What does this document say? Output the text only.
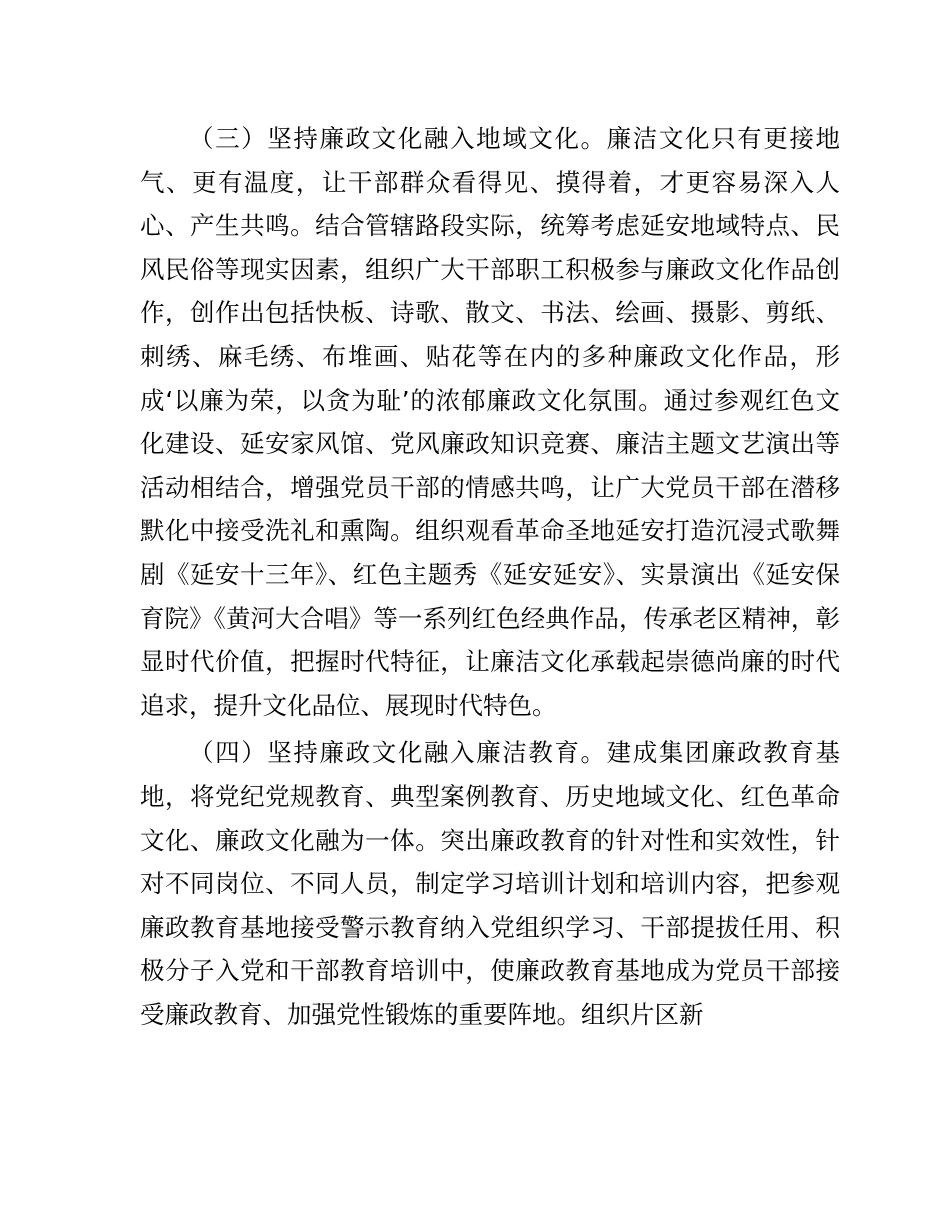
（三）坚持廉政文化融入地域文化。廉洁文化只有更接地气、更有温度，让干部群众看得见、摸得着，才更容易深入人心、产生共鸣。结合管辖路段实际，统筹考虑延安地域特点、民风民俗等现实因素，组织广大干部职工积极参与廉政文化作品创作，创作出包括快板、诗歌、散文、书法、绘画、摄影、剪纸、刺绣、麻毛绣、布堆画、贴花等在内的多种廉政文化作品，形成‘以廉为荣，以贪为耻’的浓郁廉政文化氛围。通过参观红色文化建设、延安家风馆、党风廉政知识竞赛、廉洁主题文艺演出等活动相结合，增强党员干部的情感共鸣，让广大党员干部在潜移默化中接受洗礼和熏陶。组织观看革命圣地延安打造沉浸式歌舞剧《延安十三年》、红色主题秀《延安延安》、实景演出《延安保育院》《黄河大合唱》等一系列红色经典作品，传承老区精神，彰显时代价值，把握时代特征，让廉洁文化承载起崇德尚廉的时代追求，提升文化品位、展现时代特色。

（四）坚持廉政文化融入廉洁教育。建成集团廉政教育基地，将党纪党规教育、典型案例教育、历史地域文化、红色革命文化、廉政文化融为一体。突出廉政教育的针对性和实效性，针对不同岗位、不同人员，制定学习培训计划和培训内容，把参观廉政教育基地接受警示教育纳入党组织学习、干部提拔任用、积极分子入党和干部教育培训中，使廉政教育基地成为党员干部接受廉政教育、加强党性锻炼的重要阵地。组织片区新
